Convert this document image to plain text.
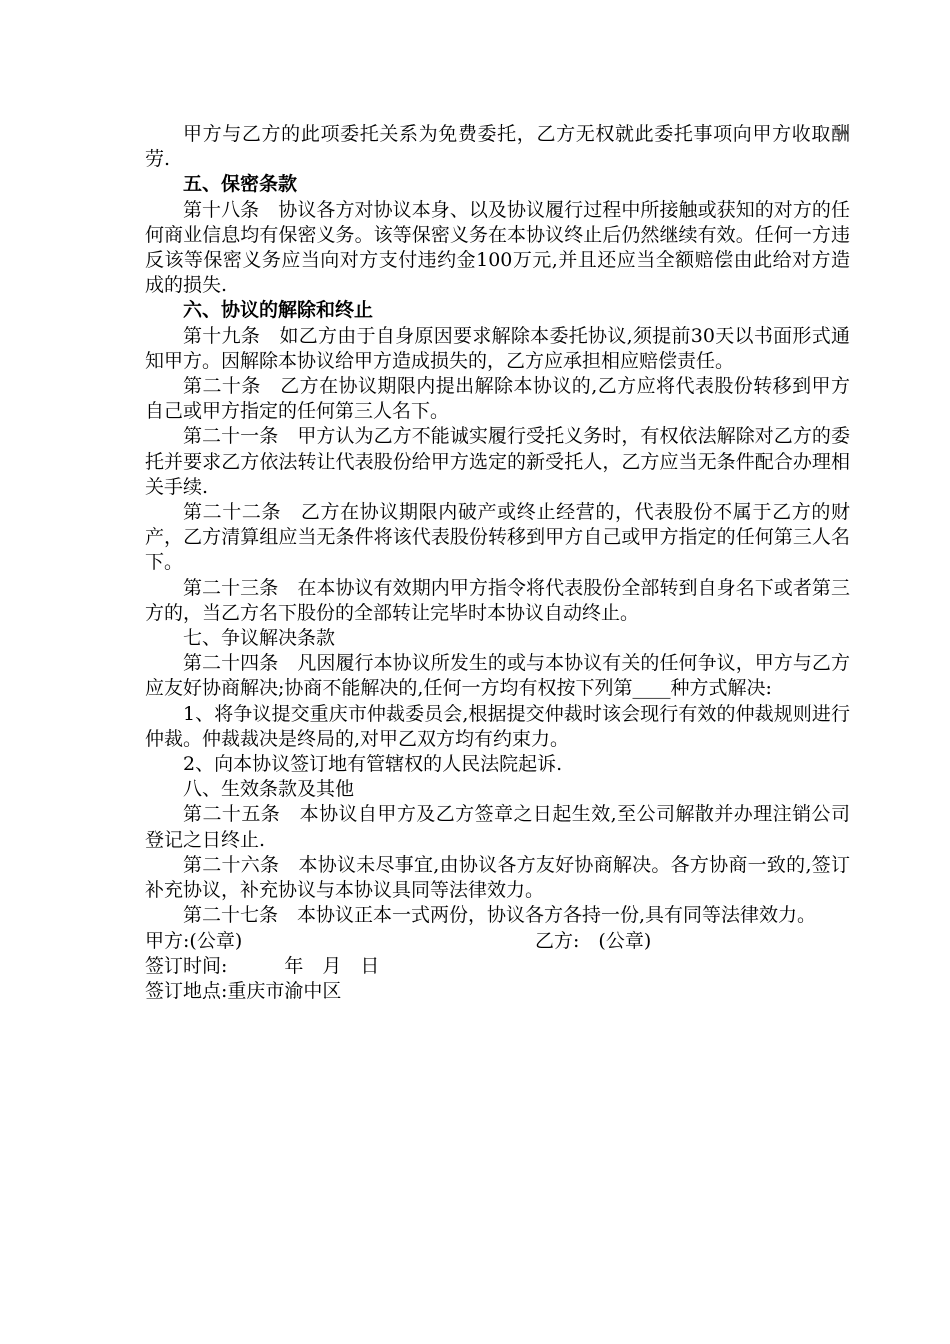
甲方与乙方的此项委托关系为免费委托，乙方无权就此委托事项向甲方收取酬劳.

五、保密条款

第十八条　协议各方对协议本身、以及协议履行过程中所接触或获知的对方的任何商业信息均有保密义务。该等保密义务在本协议终止后仍然继续有效。任何一方违反该等保密义务应当向对方支付违约金100万元,并且还应当全额赔偿由此给对方造成的损失.

六、协议的解除和终止

第十九条　如乙方由于自身原因要求解除本委托协议,须提前30天以书面形式通知甲方。因解除本协议给甲方造成损失的，乙方应承担相应赔偿责任。

第二十条　乙方在协议期限内提出解除本协议的,乙方应将代表股份转移到甲方自己或甲方指定的任何第三人名下。

第二十一条　甲方认为乙方不能诚实履行受托义务时，有权依法解除对乙方的委托并要求乙方依法转让代表股份给甲方选定的新受托人，乙方应当无条件配合办理相关手续.

第二十二条　乙方在协议期限内破产或终止经营的，代表股份不属于乙方的财产，乙方清算组应当无条件将该代表股份转移到甲方自己或甲方指定的任何第三人名下。

第二十三条　在本协议有效期内甲方指令将代表股份全部转到自身名下或者第三方的，当乙方名下股份的全部转让完毕时本协议自动终止。

七、争议解决条款

第二十四条　凡因履行本协议所发生的或与本协议有关的任何争议，甲方与乙方应友好协商解决;协商不能解决的,任何一方均有权按下列第____种方式解决:

1、将争议提交重庆市仲裁委员会,根据提交仲裁时该会现行有效的仲裁规则进行仲裁。仲裁裁决是终局的,对甲乙双方均有约束力。

2、向本协议签订地有管辖权的人民法院起诉.

八、生效条款及其他

第二十五条　本协议自甲方及乙方签章之日起生效,至公司解散并办理注销公司登记之日终止.

第二十六条　本协议未尽事宜,由协议各方友好协商解决。各方协商一致的,签订补充协议，补充协议与本协议具同等法律效力。

第二十七条　本协议正本一式两份，协议各方各持一份,具有同等法律效力。

甲方:(公章)	乙方:　(公章)

签订时间:　　　年　月　日

签订地点:重庆市渝中区
